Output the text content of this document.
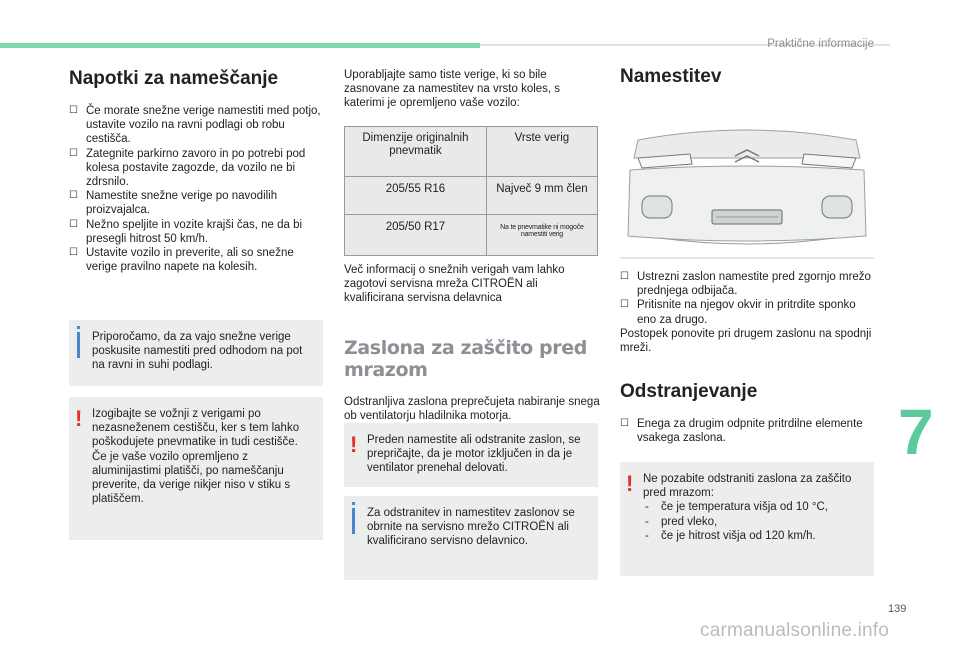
Praktične informacije
7
139
carmanualsonline.info
Napotki za nameščanje

☐ Če morate snežne verige namestiti med potjo, ustavite vozilo na ravni podlagi ob robu cestišča.

☐ Zategnite parkirno zavoro in po potrebi pod kolesa postavite zagozde, da vozilo ne bi zdrsnilo.

☐ Namestite snežne verige po navodilih proizvajalca.

☐ Nežno speljite in vozite krajši čas, ne da bi presegli hitrost 50 km/h.

☐ Ustavite vozilo in preverite, ali so snežne verige pravilno napete na kolesih.

Priporočamo, da za vajo snežne verige poskusite namestiti pred odhodom na pot na ravni in suhi podlagi.
! Izogibajte se vožnji z verigami po nezasneženem cestišču, ker s tem lahko poškodujete pnevmatike in tudi cestišče. Če je vaše vozilo opremljeno z aluminijastimi platišči, po nameščanju preverite, da verige nikjer niso v stiku s platiščem.

Uporabljajte samo tiste verige, ki so bile zasnovane za namestitev na vrsto koles, s katerimi je opremljeno vaše vozilo:

Dimenzije originalnih pnevmatik	Vrste verig
205/55 R16	Največ 9 mm člen
205/50 R17	Na te pnevmatike ni mogoče namestiti verig

Več informacij o snežnih verigah vam lahko zagotovi servisna mreža CITROËN ali kvalificirana servisna delavnica

Zaslona za zaščito pred mrazom

Odstranljiva zaslona preprečujeta nabiranje snega ob ventilatorju hladilnika motorja.

! Preden namestite ali odstranite zaslon, se prepričajte, da je motor izključen in da je ventilator prenehal delovati.
Za odstranitev in namestitev zaslonov se obrnite na servisno mrežo CITROËN ali kvalificirano servisno delavnico.
Namestitev

☐ Ustrezni zaslon namestite pred zgornjo mrežo prednjega odbijača.

☐ Pritisnite na njegov okvir in pritrdite sponko eno za drugo.

Postopek ponovite pri drugem zaslonu na spodnji mreži.

Odstranjevanje

☐ Enega za drugim odpnite pritrdilne elemente vsakega zaslona.

! Ne pozabite odstraniti zaslona za zaščito pred mrazom:
- če je temperatura višja od 10 °C,
- pred vleko,
- če je hitrost višja od 120 km/h.
